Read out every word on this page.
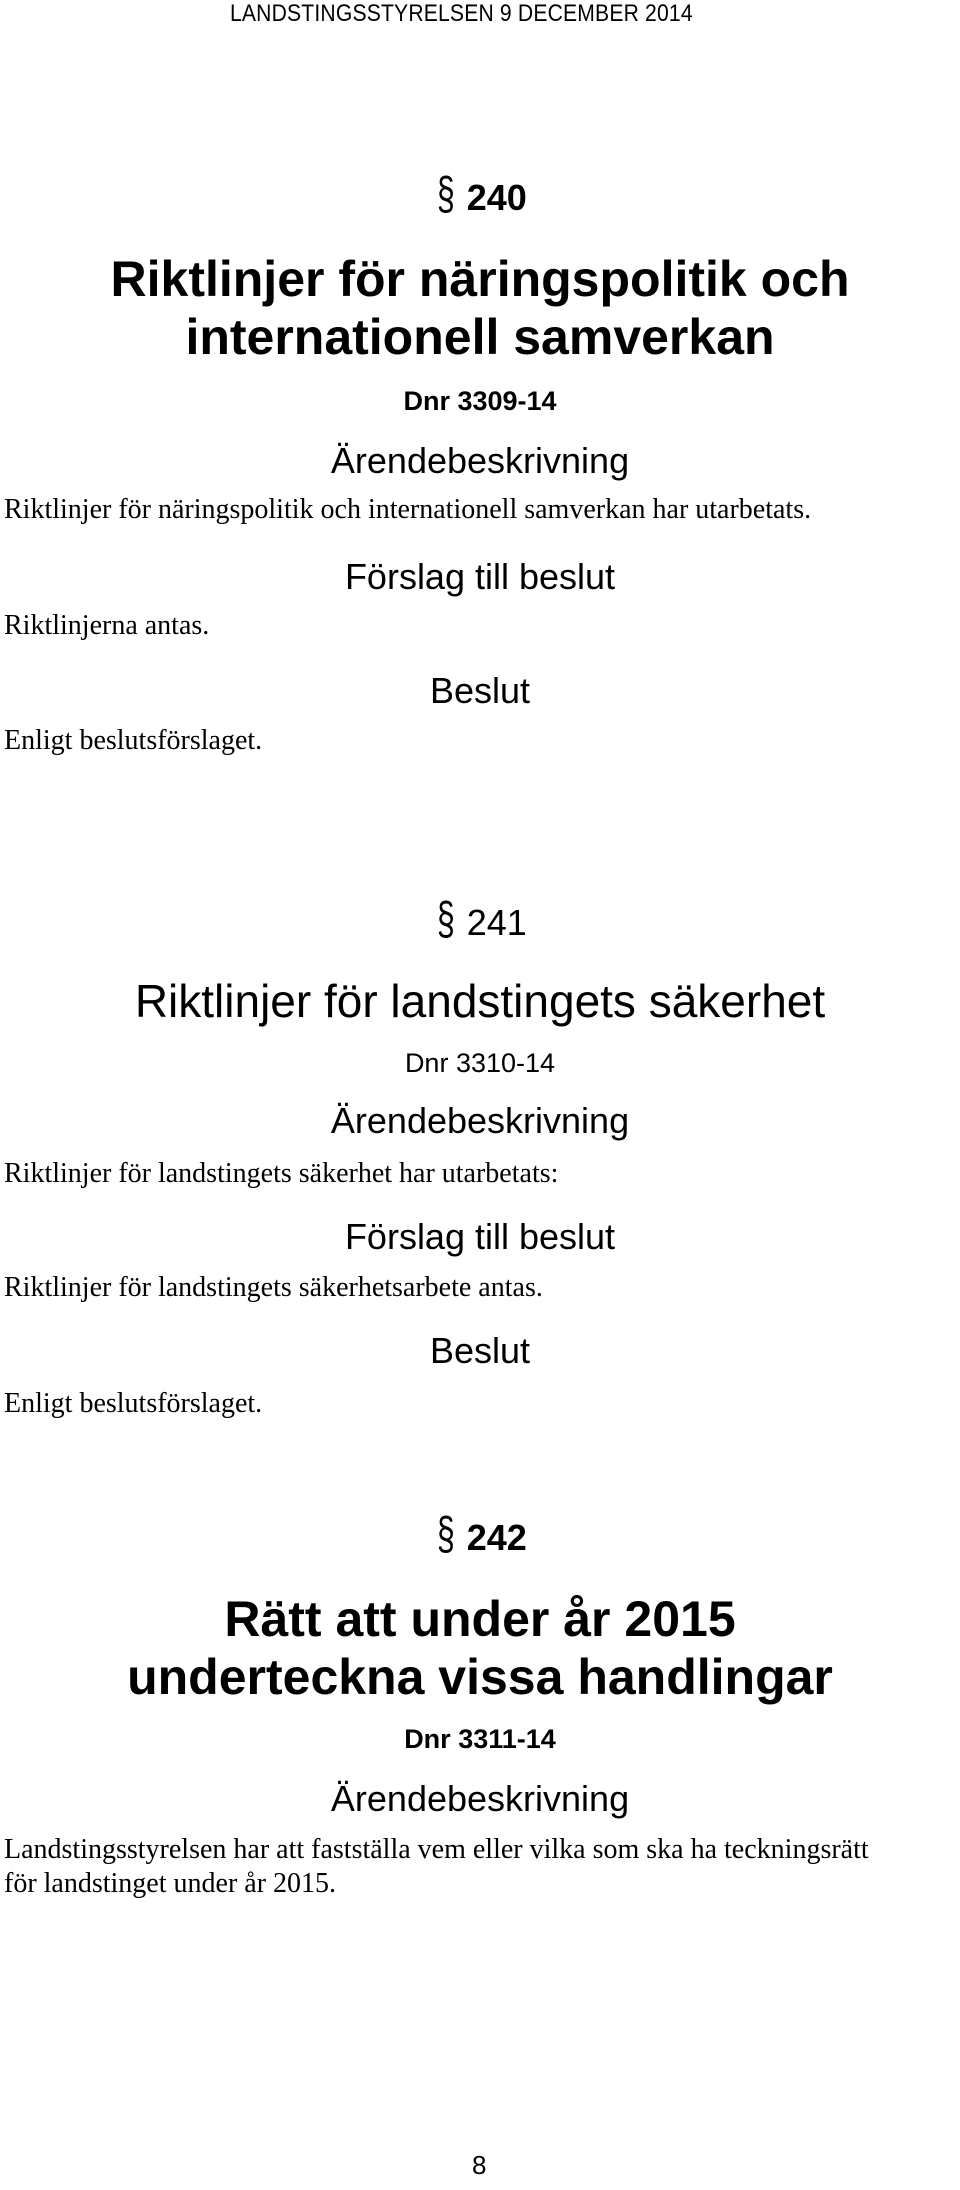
LANDSTINGSSTYRELSEN 9 DECEMBER 2014
§ 240
Riktlinjer för näringspolitik och
internationell samverkan
Dnr 3309-14
Ärendebeskrivning
Riktlinjer för näringspolitik och internationell samverkan har utarbetats.
Förslag till beslut
Riktlinjerna antas.
Beslut
Enligt beslutsförslaget.
§ 241
Riktlinjer för landstingets säkerhet
Dnr 3310-14
Ärendebeskrivning
Riktlinjer för landstingets säkerhet har utarbetats:
Förslag till beslut
Riktlinjer för landstingets säkerhetsarbete antas.
Beslut
Enligt beslutsförslaget.
§ 242
Rätt att under år 2015
underteckna vissa handlingar
Dnr 3311-14
Ärendebeskrivning
Landstingsstyrelsen har att fastställa vem eller vilka som ska ha teckningsrätt
för landstinget under år 2015.
8
